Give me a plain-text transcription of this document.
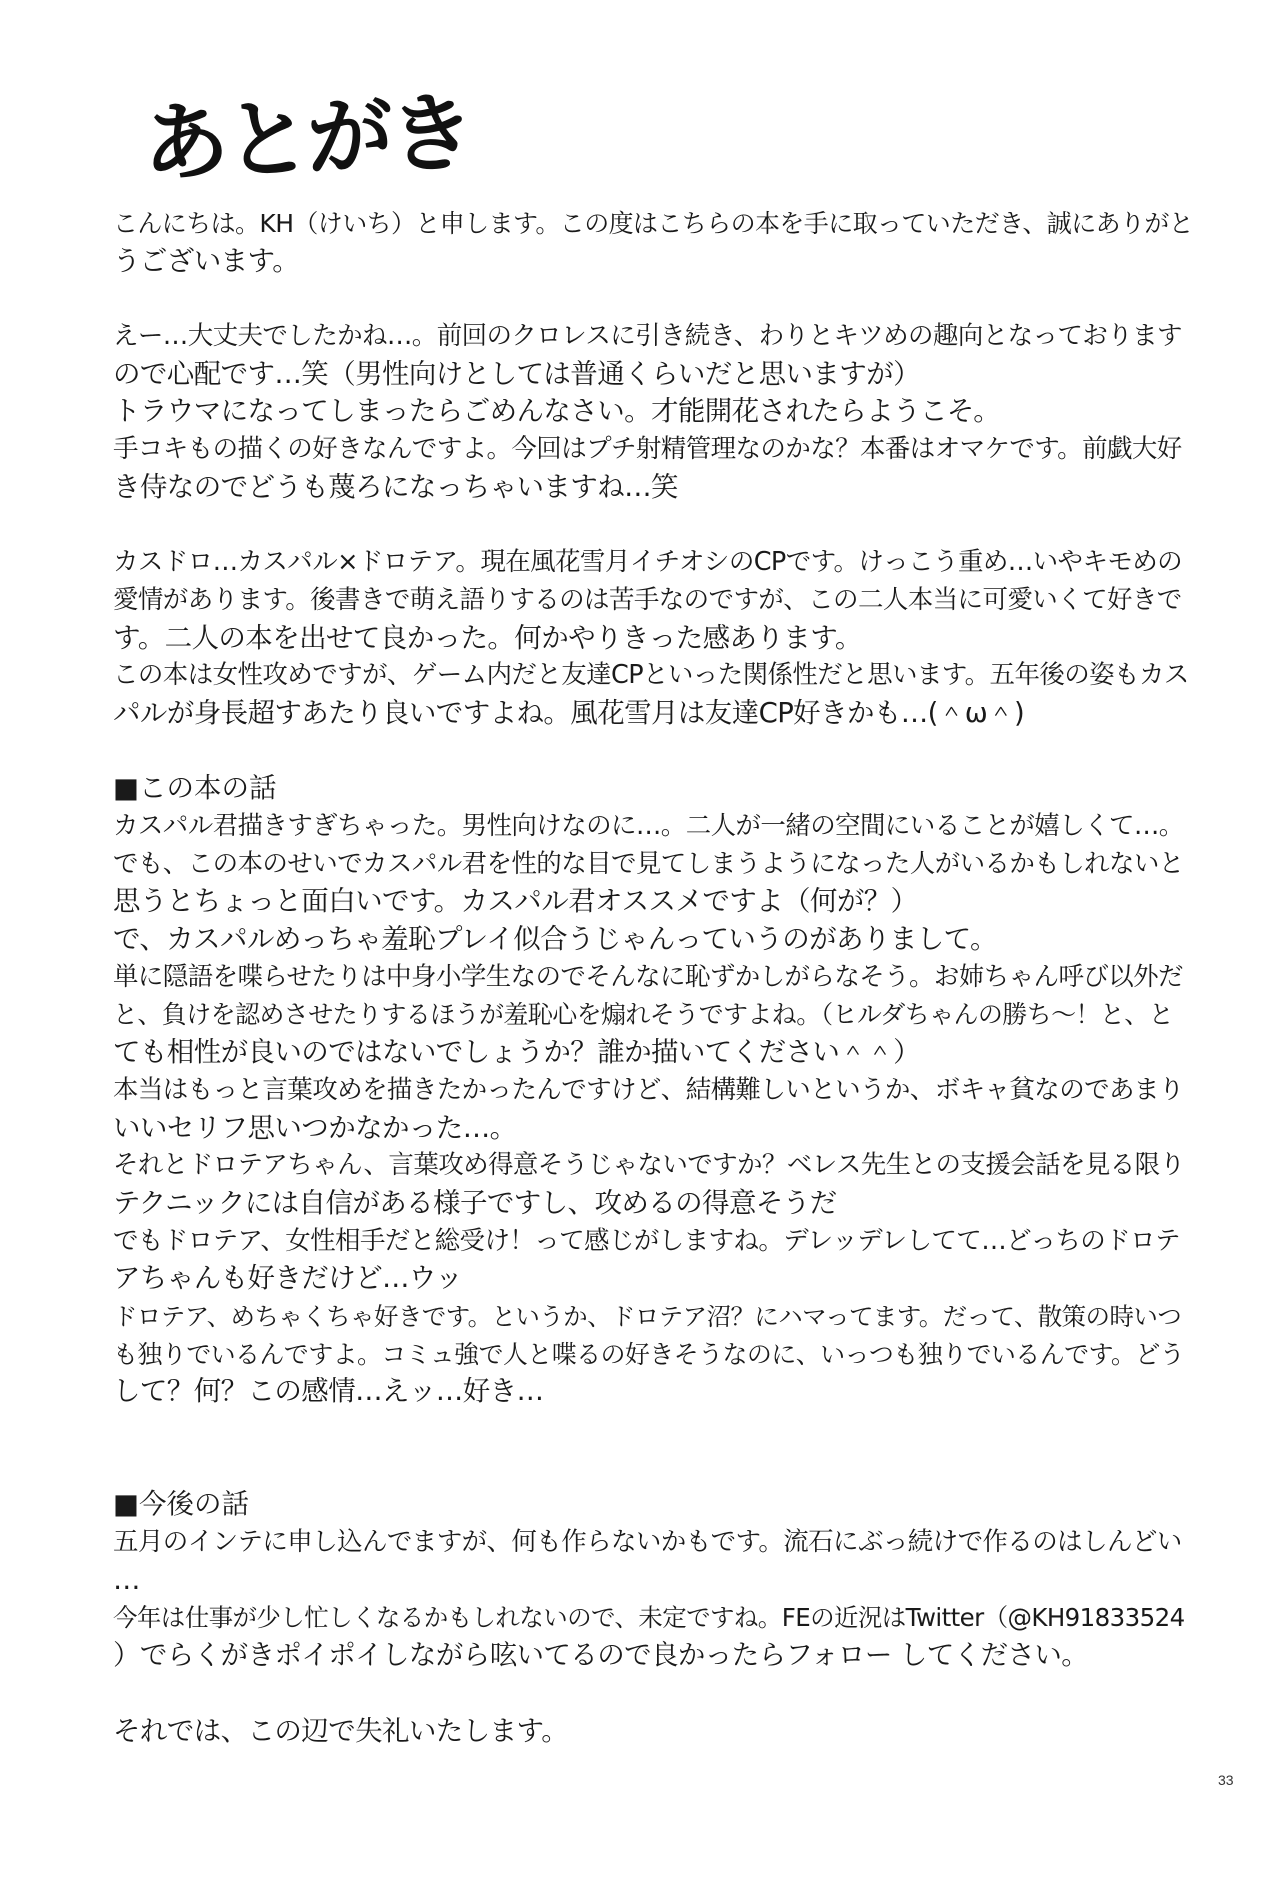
あとがき
こんにちは。KH（けいち）と申します。この度はこちらの本を手に取っていただき、誠にありがと
うございます。
えー…大丈夫でしたかね…。前回のクロレスに引き続き、わりとキツめの趣向となっております
ので心配です…笑（男性向けとしては普通くらいだと思いますが）
トラウマになってしまったらごめんなさい。才能開花されたらようこそ。
手コキもの描くの好きなんですよ。今回はプチ射精管理なのかな？本番はオマケです。前戯大好
き侍なのでどうも蔑ろになっちゃいますね…笑
カスドロ…カスパル×ドロテア。現在風花雪月イチオシのCPです。けっこう重め…いやキモめの
愛情があります。後書きで萌え語りするのは苦手なのですが、この二人本当に可愛いくて好きで
す。二人の本を出せて良かった。何かやりきった感あります。
この本は女性攻めですが、ゲーム内だと友達CPといった関係性だと思います。五年後の姿もカス
パルが身長超すあたり良いですよね。風花雪月は友達CP好きかも…(＾ω＾)
■この本の話
カスパル君描きすぎちゃった。男性向けなのに…。二人が一緒の空間にいることが嬉しくて…。
でも、この本のせいでカスパル君を性的な目で見てしまうようになった人がいるかもしれないと
思うとちょっと面白いです。カスパル君オススメですよ（何が？）
で、カスパルめっちゃ羞恥プレイ似合うじゃんっていうのがありまして。
単に隠語を喋らせたりは中身小学生なのでそんなに恥ずかしがらなそう。お姉ちゃん呼び以外だ
と、負けを認めさせたりするほうが羞恥心を煽れそうですよね。（ヒルダちゃんの勝ち～！と、と
ても相性が良いのではないでしょうか？誰か描いてください＾＾）
本当はもっと言葉攻めを描きたかったんですけど、結構難しいというか、ボキャ貧なのであまり
いいセリフ思いつかなかった…。
それとドロテアちゃん、言葉攻め得意そうじゃないですか？ベレス先生との支援会話を見る限り
テクニックには自信がある様子ですし、攻めるの得意そうだ
でもドロテア、女性相手だと総受け！って感じがしますね。デレッデレしてて…どっちのドロテ
アちゃんも好きだけど…ウッ
ドロテア、めちゃくちゃ好きです。というか、ドロテア沼？にハマってます。だって、散策の時いつ
も独りでいるんですよ。コミュ強で人と喋るの好きそうなのに、いっつも独りでいるんです。どう
して？何？この感情…えッ…好き…
■今後の話
五月のインテに申し込んでますが、何も作らないかもです。流石にぶっ続けで作るのはしんどい
…
今年は仕事が少し忙しくなるかもしれないので、未定ですね。FEの近況はTwitter（@KH91833524
）でらくがきポイポイしながら呟いてるので良かったらフォロー してください。
それでは、この辺で失礼いたします。
33
